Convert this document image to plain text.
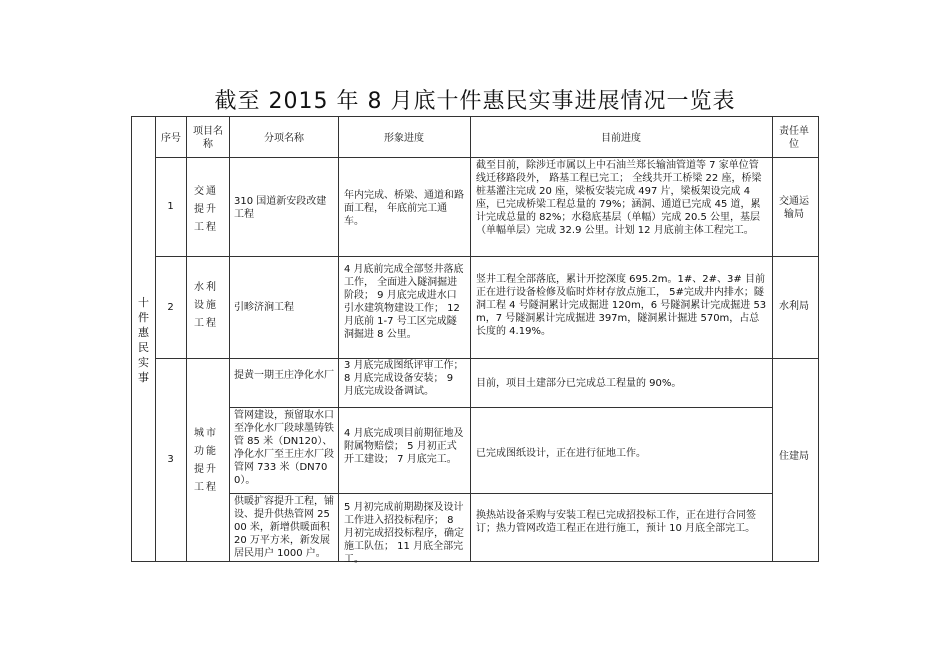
截至 2015 年 8 月底十件惠民实事进展情况一览表
序号
项目名称
分项名称	形象进度	目前进度
责任单位
十件惠民实事
1
交通提升工程
310 国道新安段改建工程
年内完成、桥梁、通道和路面工程， 年底前完工通车。
截至目前，除涉迁市属以上中石油兰郑长输油管道等 7 家单位管线迁移路段外， 路基工程已完工； 全线共开工桥梁 22 座，桥梁桩基灌注完成 20 座，梁板安装完成 497 片，梁板架设完成 4 座，已完成桥梁工程总量的 79%；涵洞、通道已完成 45 道，累计完成总量的 82%；水稳底基层（单幅）完成 20.5 公里，基层（单幅单层）完成 32.9 公里。计划 12 月底前主体工程完工。
交通运输局
2
水利设施工程
引畛济涧工程
4 月底前完成全部竖井落底工作， 全面进入隧洞掘进阶段； 9 月底完成进水口引水建筑物建设工作； 12 月底前 1-7 号工区完成隧洞掘进 8 公里。
竖井工程全部落底，累计开挖深度 695.2m。1#、2#、3# 目前正在进行设备检修及临时炸材存放点施工， 5#完成井内排水；隧洞工程 4 号隧洞累计完成掘进 120m，6 号隧洞累计完成掘进 53m，7 号隧洞累计完成掘进 397m，隧洞累计掘进 570m，占总长度的 4.19%。
水利局
3
城市功能提升工程
住建局
提黄一期王庄净化水厂
3 月底完成图纸评审工作； 8 月底完成设备安装； 9 月底完成设备调试。
目前，项目土建部分已完成总工程量的 90%。
管网建设，预留取水口至净化水厂段球墨铸铁管 85 米（DN120）、净化水厂至王庄水厂段管网 733 米（DN700）。
4 月底完成项目前期征地及附属物赔偿； 5 月初正式开工建设； 7 月底完工。
已完成图纸设计，正在进行征地工作。
供暖扩容提升工程，铺设、提升供热管网 2500 米，新增供暖面积 20 万平方米，新发展居民用户 1000 户。
5 月初完成前期勘探及设计工作进入招投标程序； 8 月初完成招投标程序，确定施工队伍； 11 月底全部完工。
换热站设备采购与安装工程已完成招投标工作，正在进行合同签订；热力管网改造工程正在进行施工，预计 10 月底全部完工。
